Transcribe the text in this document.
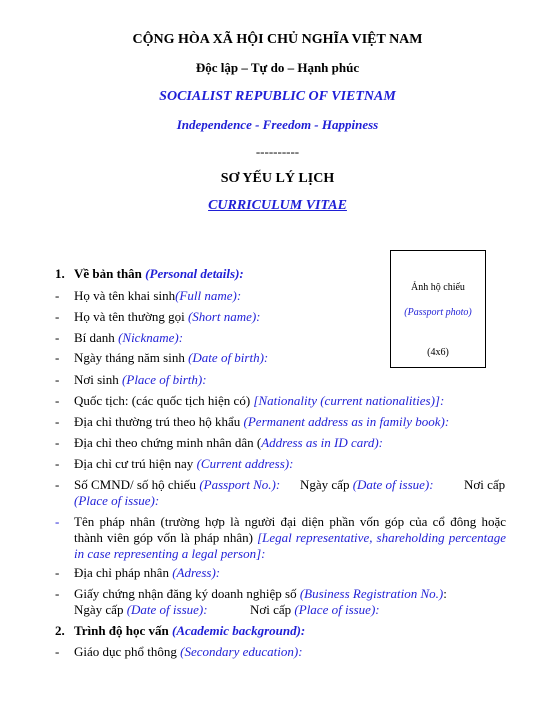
CỘNG HÒA XÃ HỘI CHỦ NGHĨA VIỆT NAM
Độc lập – Tự do – Hạnh phúc
SOCIALIST REPUBLIC OF VIETNAM
Independence - Freedom - Happiness
----------
SƠ YẾU LÝ LỊCH
CURRICULUM VITAE
Ảnh hộ chiếu
(Passport photo)
(4x6)
1. Về bản thân (Personal details):
- Họ và tên khai sinh(Full name):
- Họ và tên thường gọi (Short name):
- Bí danh (Nickname):
- Ngày tháng năm sinh (Date of birth):
- Nơi sinh (Place of birth):
- Quốc tịch: (các quốc tịch hiện có) [Nationality (current nationalities)]:
- Địa chỉ thường trú theo hộ khẩu (Permanent address as in family book):
- Địa chỉ theo chứng minh nhân dân (Address as in ID card):
- Địa chỉ cư trú hiện nay (Current address):
- Số CMND/ số hộ chiếu (Passport No.): Ngày cấp (Date of issue): Nơi cấp
(Place of issue):
- Tên pháp nhân (trường hợp là người đại diện phần vốn góp của cổ đông hoặc thành viên góp vốn là pháp nhân) [Legal representative, shareholding percentage in case representing a legal person]:
- Địa chỉ pháp nhân (Adress):
- Giấy chứng nhận đăng ký doanh nghiệp số (Business Registration No.):
Ngày cấp (Date of issue):	Nơi cấp (Place of issue):
2. Trình độ học vấn (Academic background):
- Giáo dục phổ thông (Secondary education):
